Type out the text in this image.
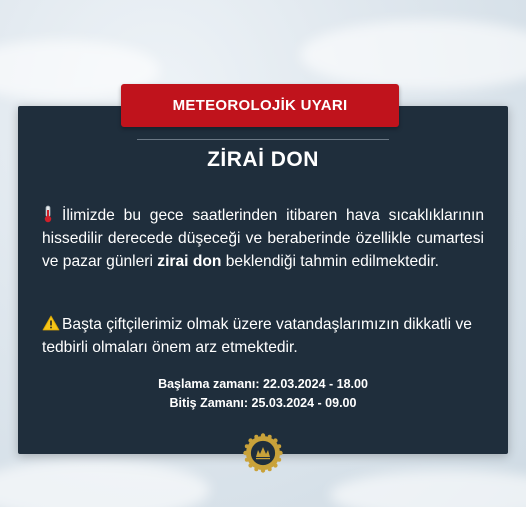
METEOROLOJİK UYARI
ZİRAİ DON
İlimizde bu gece saatlerinden itibaren hava sıcaklıklarının hissedilir derecede düşeceği ve beraberinde özellikle cumartesi ve pazar günleri zirai don beklendiği tahmin edilmektedir.
Başta çiftçilerimiz olmak üzere vatandaşlarımızın dikkatli ve tedbirli olmaları önem arz etmektedir.
Başlama zamanı: 22.03.2024 - 18.00
Bitiş Zamanı: 25.03.2024 - 09.00
